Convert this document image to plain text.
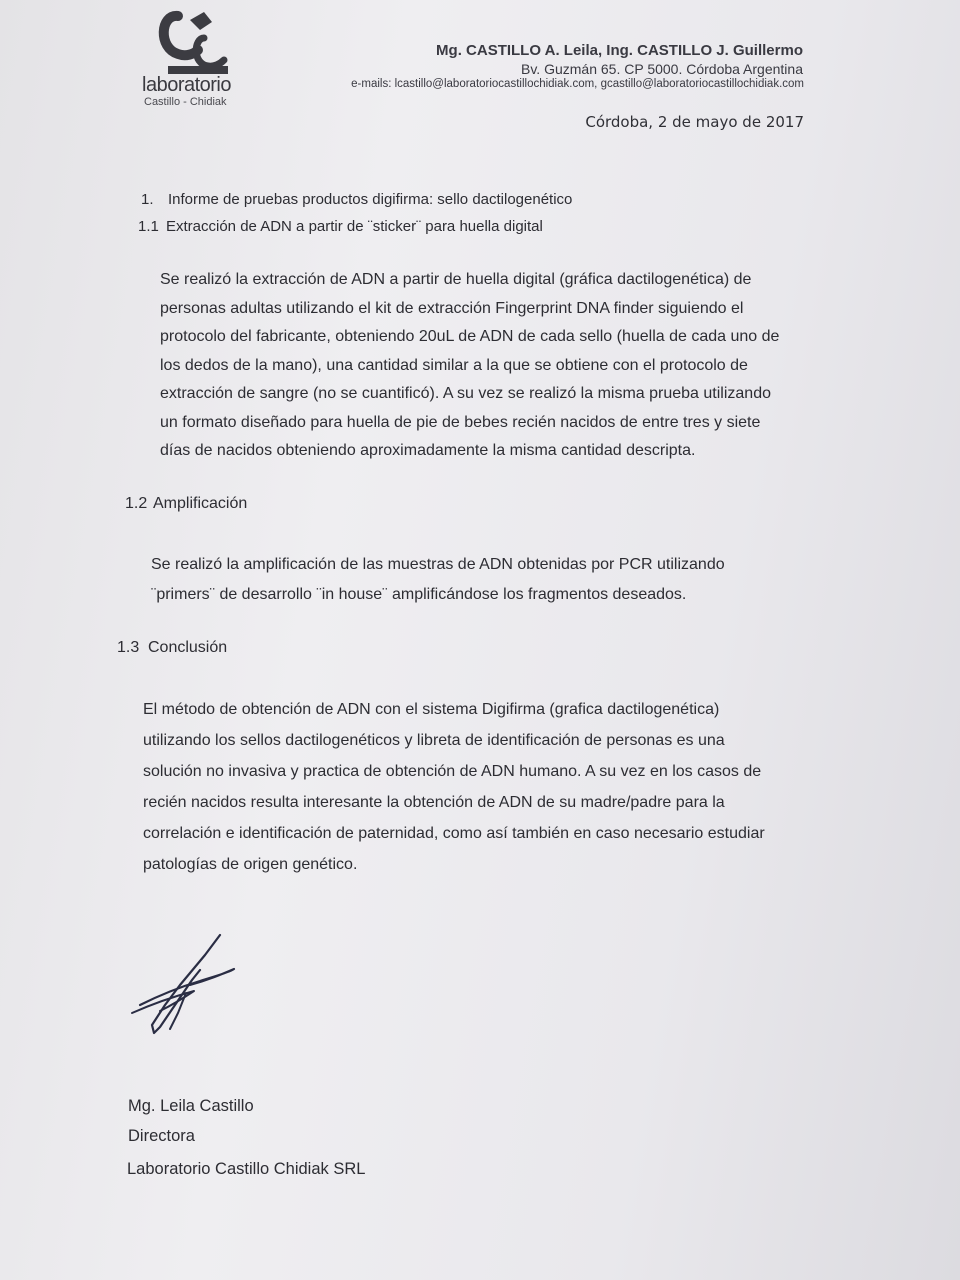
laboratorio
Castillo - Chidiak
Mg. CASTILLO A. Leila, Ing. CASTILLO J. Guillermo
Bv. Guzmán 65. CP 5000. Córdoba Argentina
e-mails: lcastillo@laboratoriocastillochidiak.com, gcastillo@laboratoriocastillochidiak.com
Córdoba, 2 de mayo de 2017
1. Informe de pruebas productos digifirma: sello dactilogenético
1.1 Extracción de ADN a partir de ¨sticker¨ para huella digital
Se realizó la extracción de ADN a partir de huella digital (gráfica dactilogenética) de
personas adultas utilizando el kit de extracción Fingerprint DNA finder siguiendo el
protocolo del fabricante, obteniendo 20uL de ADN de cada sello (huella de cada uno de
los dedos de la mano), una cantidad similar a la que se obtiene con el protocolo de
extracción de sangre (no se cuantificó). A su vez se realizó la misma prueba utilizando
un formato diseñado para huella de pie de bebes recién nacidos de entre tres y siete
días de nacidos obteniendo aproximadamente la misma cantidad descripta.
1.2 Amplificación
Se realizó la amplificación de las muestras de ADN obtenidas por PCR utilizando
¨primers¨ de desarrollo ¨in house¨ amplificándose los fragmentos deseados.
1.3 Conclusión
El método de obtención de ADN con el sistema Digifirma (grafica dactilogenética)
utilizando los sellos dactilogenéticos y libreta de identificación de personas es una
solución no invasiva y practica de obtención de ADN humano. A su vez en los casos de
recién nacidos resulta interesante la obtención de ADN de su madre/padre para la
correlación e identificación de paternidad, como así también en caso necesario estudiar
patologías de origen genético.
Mg. Leila Castillo
Directora
Laboratorio Castillo Chidiak SRL
